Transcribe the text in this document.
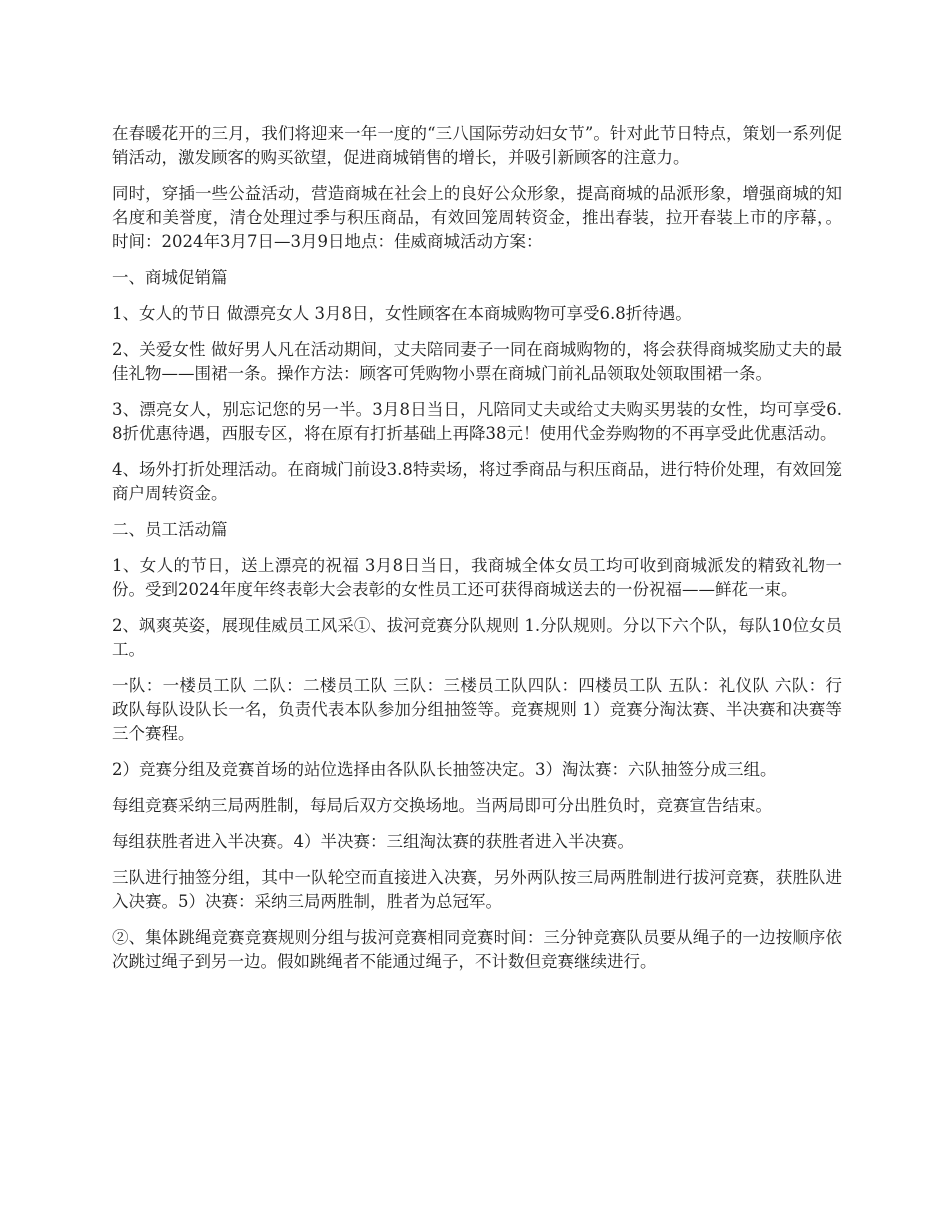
在春暖花开的三月，我们将迎来一年一度的“三八国际劳动妇女节”。针对此节日特点，策划一系列促销活动，激发顾客的购买欲望，促进商城销售的增长，并吸引新顾客的注意力。

同时，穿插一些公益活动，营造商城在社会上的良好公众形象，提高商城的品派形象，增强商城的知名度和美誉度，清仓处理过季与积压商品，有效回笼周转资金，推出春装，拉开春装上市的序幕，。时间：2024年3月7日—3月9日地点：佳威商城活动方案：

一、商城促销篇

1、女人的节日 做漂亮女人 3月8日，女性顾客在本商城购物可享受6.8折待遇。

2、关爱女性 做好男人凡在活动期间，丈夫陪同妻子一同在商城购物的，将会获得商城奖励丈夫的最佳礼物——围裙一条。操作方法：顾客可凭购物小票在商城门前礼品领取处领取围裙一条。

3、漂亮女人，别忘记您的另一半。3月8日当日，凡陪同丈夫或给丈夫购买男装的女性，均可享受6.8折优惠待遇，西服专区，将在原有打折基础上再降38元！使用代金券购物的不再享受此优惠活动。

4、场外打折处理活动。在商城门前设3.8特卖场，将过季商品与积压商品，进行特价处理，有效回笼商户周转资金。

二、员工活动篇

1、女人的节日，送上漂亮的祝福 3月8日当日，我商城全体女员工均可收到商城派发的精致礼物一份。受到2024年度年终表彰大会表彰的女性员工还可获得商城送去的一份祝福——鲜花一束。

2、飒爽英姿，展现佳威员工风采①、拔河竞赛分队规则 1.分队规则。分以下六个队，每队10位女员工。

一队：一楼员工队 二队：二楼员工队 三队：三楼员工队四队：四楼员工队 五队：礼仪队 六队：行政队每队设队长一名，负责代表本队参加分组抽签等。竞赛规则 1）竞赛分淘汰赛、半决赛和决赛等三个赛程。

2）竞赛分组及竞赛首场的站位选择由各队队长抽签决定。3）淘汰赛：六队抽签分成三组。

每组竞赛采纳三局两胜制，每局后双方交换场地。当两局即可分出胜负时，竞赛宣告结束。

每组获胜者进入半决赛。4）半决赛：三组淘汰赛的获胜者进入半决赛。

三队进行抽签分组，其中一队轮空而直接进入决赛，另外两队按三局两胜制进行拔河竞赛，获胜队进入决赛。5）决赛：采纳三局两胜制，胜者为总冠军。

②、集体跳绳竞赛竞赛规则分组与拔河竞赛相同竞赛时间：三分钟竞赛队员要从绳子的一边按顺序依次跳过绳子到另一边。假如跳绳者不能通过绳子，不计数但竞赛继续进行。
